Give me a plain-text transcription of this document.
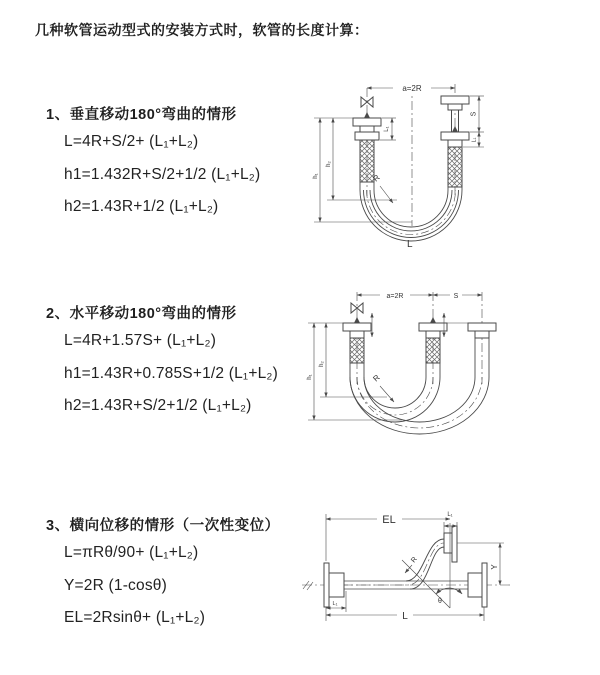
几种软管运动型式的安装方式时，软管的长度计算：
1、垂直移动180°弯曲的情形
L=4R+S/2+ (L₁+L₂)
h1=1.432R+S/2+1/2 (L₁+L₂)
h2=1.43R+1/2 (L₁+L₂)
2、水平移动180°弯曲的情形
L=4R+1.57S+ (L₁+L₂)
h1=1.43R+0.785S+1/2 (L₁+L₂)
h2=1.43R+S/2+1/2 (L₁+L₂)
3、横向位移的情形（一次性变位）
L=πRθ/90+ (L₁+L₂)
Y=2R (1-cosθ)
EL=2Rsinθ+ (L₁+L₂)
a=2R
L₁
S
L₁
h₁
h₂
R
L
a=2R	S
h₁
h₂
R
EL	L₁
Y
L
L₁
R
θ
